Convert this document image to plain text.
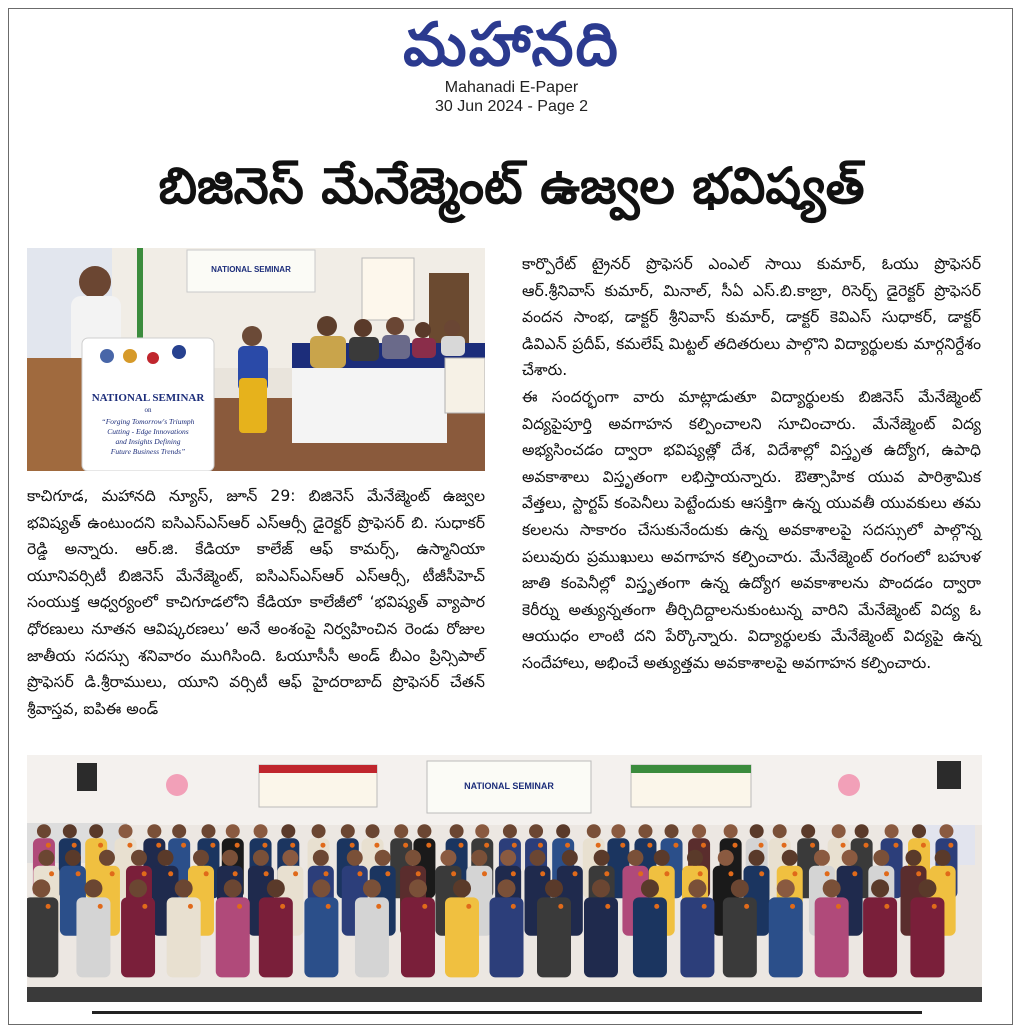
మహానది
Mahanadi E-Paper
30 Jun 2024 - Page 2
బిజినెస్ మేనేజ్మెంట్ ఉజ్వల భవిష్యత్
NATIONAL SEMINAR
NATIONAL SEMINAR
on
“Forging Tomorrow's Triumph
Cutting - Edge Innovations
and Insights Defining
Future Business Trends”

కాచిగూడ, మహానది న్యూస్, జూన్ 29: బిజినెస్ మేనేజ్మెంట్ ఉజ్వల భవిష్యత్ ఉంటుందని ఐసిఎస్ఎస్ఆర్ ఎస్ఆర్సీ డైరెక్టర్ ప్రొఫెసర్ బి. సుధాకర్ రెడ్డి అన్నారు. ఆర్.జి. కేడియా కాలేజ్ ఆఫ్ కామర్స్, ఉస్మానియా యూనివర్సిటీ బిజినెస్ మేనేజ్మెంట్, ఐసిఎస్ఎస్ఆర్ ఎస్ఆర్సీ, టీజీసీహెచ్ సంయుక్త ఆధ్వర్యంలో కాచిగూడలోని కేడియా కాలేజీలో ‘భవిష్యత్ వ్యాపార ధోరణులు నూతన ఆవిష్కరణలు’ అనే అంశంపై నిర్వహించిన రెండు రోజుల జాతీయ సదస్సు శనివారం ముగిసింది. ఓయూసీసీ అండ్ బీఎం ప్రిన్సిపాల్ ప్రొఫెసర్ డి.శ్రీరాములు, యూని వర్సిటీ ఆఫ్ హైదరాబాద్ ప్రొఫెసర్ చేతన్ శ్రీవాస్తవ, ఐపిఈ అండ్

కార్పొరేట్ ట్రైనర్ ప్రొఫెసర్ ఎంఎల్ సాయి కుమార్, ఓయు ప్రొఫెసర్ ఆర్.శ్రీనివాస్ కుమార్, మినాల్, సీఏ ఎస్.బి.కాబ్రా, రిసెర్చ్ డైరెక్టర్ ప్రొఫెసర్ వందన సాంభ, డాక్టర్ శ్రీనివాస్ కుమార్, డాక్టర్ కెవిఎస్ సుధాకర్, డాక్టర్ డివిఎన్ ప్రదీప్, కమలేష్ మిట్టల్ తదితరులు పాల్గొని విద్యార్థులకు మార్గనిర్దేశం చేశారు.

ఈ సందర్భంగా వారు మాట్లాడుతూ విద్యార్థులకు బిజినెస్ మేనేజ్మెంట్ విద్యపైపూర్తి అవగాహన కల్పించాలని సూచించారు. మేనేజ్మెంట్ విద్య అభ్యసించడం ద్వారా భవిష్యత్లో దేశ, విదేశాల్లో విస్తృత ఉద్యోగ, ఉపాధి అవకాశాలు విస్తృతంగా లభిస్తాయన్నారు. ఔత్సాహిక యువ పారిశ్రామిక వేత్తలు, స్టార్టప్ కంపెనీలు పెట్టేందుకు ఆసక్తిగా ఉన్న యువతీ యువకులు తమ కలలను సాకారం చేసుకునేందుకు ఉన్న అవకాశాలపై సదస్సులో పాల్గొన్న పలువురు ప్రముఖులు అవగాహన కల్పించారు. మేనేజ్మెంట్ రంగంలో బహుళ జాతి కంపెనీల్లో విస్తృతంగా ఉన్న ఉద్యోగ అవకాశాలను పొందడం ద్వారా కెరీర్ను అత్యున్నతంగా తీర్చిదిద్దాలనుకుంటున్న వారిని మేనేజ్మెంట్ విద్య ఓ ఆయుధం లాంటి దని పేర్కొన్నారు. విద్యార్థులకు మేనేజ్మెంట్ విద్యపై ఉన్న సందేహాలు, అభించే అత్యుత్తమ అవకాశాలపై అవగాహన కల్పించారు.

NATIONAL SEMINAR
